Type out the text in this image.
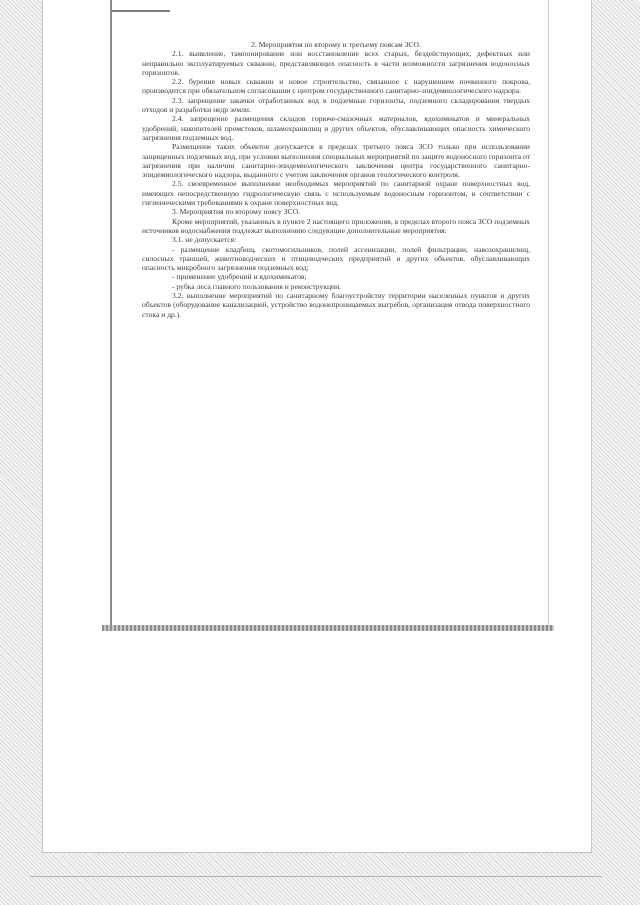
2. Мероприятия по второму и третьему поясам ЗСО.

2.1. выявление, тампонирование или восстановление всех старых, бездействующих, дефектных или неправильно эксплуатируемых скважин, представляющих опасность в части возможности загрязнения водоносных горизонтов.

2.2. бурение новых скважин и новое строительство, связанное с нарушением почвенного покрова, производится при обязательном согласовании с центром государственного санитарно-эпидемиологического надзора.

2.3. запрещение закачки отработанных вод в подземные горизонты, подземного складирования твердых отходов и разработки недр земли.

2.4. запрещение размещения складов горюче-смазочных материалов, ядохимикатов и минеральных удобрений, накопителей промстоков, шламохранилищ и других объектов, обуславливающих опасность химического загрязнения подземных вод.

Размещение таких объектов допускается в пределах третьего пояса ЗСО только при использовании защищенных подземных вод, при условии выполнения специальных мероприятий по защите водоносного горизонта от загрязнения при наличии санитарно-эпидемиологического заключения центра государственного санитарно-эпидемиологического надзора, выданного с учетом заключения органов геологического контроля.

2.5. своевременное выполнение необходимых мероприятий по санитарной охране поверхностных вод, имеющих непосредственную гидрологическую связь с используемым водоносным горизонтом, в соответствии с гигиеническими требованиями к охране поверхностных вод.

3. Мероприятия по второму поясу ЗСО.

Кроме мероприятий, указанных в пункте 2 настоящего приложения, в пределах второго пояса ЗСО подземных источников водоснабжения подлежат выполнению следующие дополнительные мероприятия:

3.1. не допускается:

- размещение кладбищ, скотомогильников, полей ассенизации, полей фильтрации, навозохранилищ, силосных траншей, животноводческих и птицеводческих предприятий и других объектов, обуславливающих опасность микробного загрязнения подземных вод;

- применение удобрений и ядохимикатов;

- рубка леса главного пользования и реконструкции.

3.2. выполнение мероприятий по санитарному благоустройству территории населенных пунктов и других объектов (оборудование канализацией, устройство водонепроницаемых выгребов, организация отвода поверхностного стока и др.).
